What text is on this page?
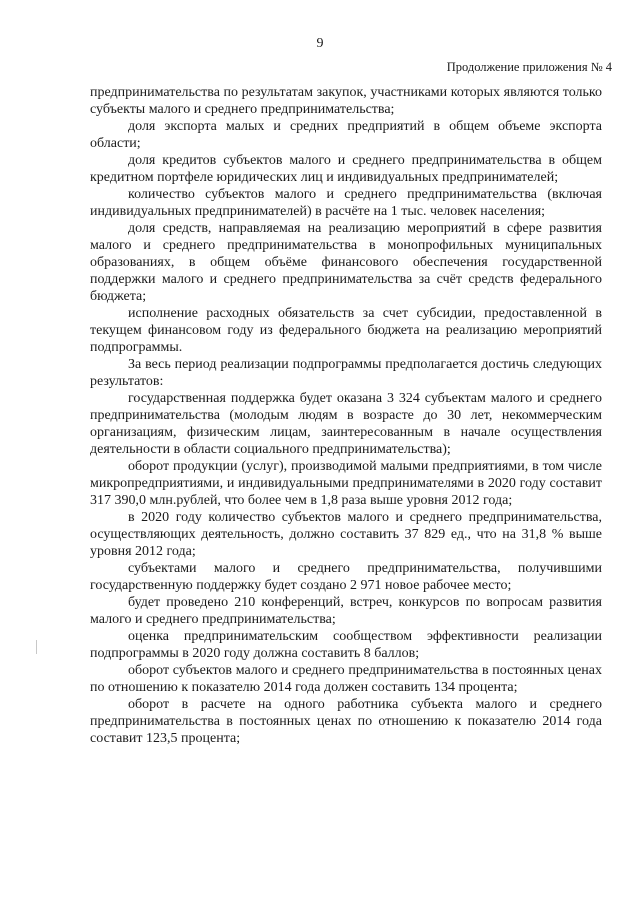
9
Продолжение приложения № 4

предпринимательства по результатам закупок, участниками которых являются только субъекты малого и среднего предпринимательства;

доля экспорта малых и средних предприятий в общем объеме экспорта области;

доля кредитов субъектов малого и среднего предпринимательства в общем кредитном портфеле юридических лиц и индивидуальных предпринимателей;

количество субъектов малого и среднего предпринимательства (включая индивидуальных предпринимателей) в расчёте на 1 тыс. человек населения;

доля средств, направляемая на реализацию мероприятий в сфере развития малого и среднего предпринимательства в монопрофильных муниципальных образованиях, в общем объёме финансового обеспечения государственной поддержки малого и среднего предпринимательства за счёт средств федерального бюджета;

исполнение расходных обязательств за счет субсидии, предоставленной в текущем финансовом году из федерального бюджета на реализацию мероприятий подпрограммы.

За весь период реализации подпрограммы предполагается достичь следующих результатов:

государственная поддержка будет оказана 3 324 субъектам малого и среднего предпринимательства (молодым людям в возрасте до 30 лет, некоммерческим организациям, физическим лицам, заинтересованным в начале осуществления деятельности в области социального предпринимательства);

оборот продукции (услуг), производимой малыми предприятиями, в том числе микропредприятиями, и индивидуальными предпринимателями в 2020 году составит 317 390,0 млн.рублей, что более чем в 1,8 раза выше уровня 2012 года;

в 2020 году количество субъектов малого и среднего предпринимательства, осуществляющих деятельность, должно составить 37 829 ед., что на 31,8 % выше уровня 2012 года;

субъектами малого и среднего предпринимательства, получившими государственную поддержку будет создано 2 971 новое рабочее место;

будет проведено 210 конференций, встреч, конкурсов по вопросам развития малого и среднего предпринимательства;

оценка предпринимательским сообществом эффективности реализации подпрограммы в 2020 году должна составить 8 баллов;

оборот субъектов малого и среднего предпринимательства в постоянных ценах по отношению к показателю 2014 года должен составить 134 процента;

оборот в расчете на одного работника субъекта малого и среднего предпринимательства в постоянных ценах по отношению к показателю 2014 года составит 123,5 процента;
